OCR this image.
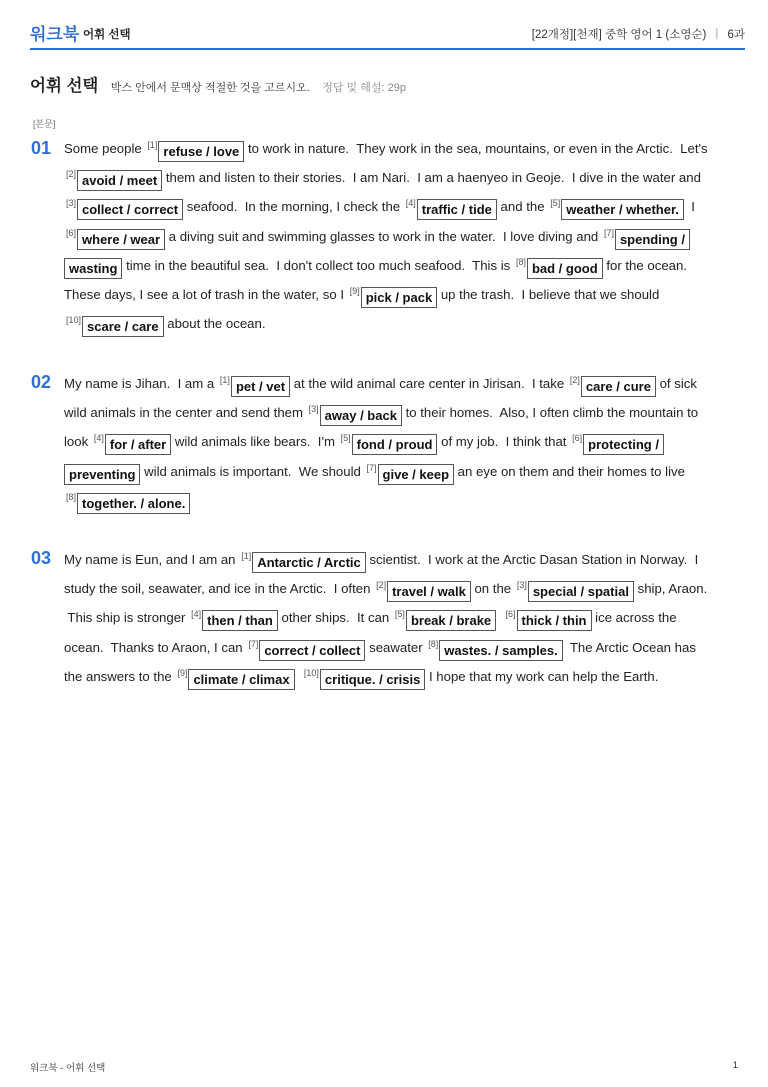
워크북 어휘 선택	[22개정][천재] 중학 영어 1 (소영순) ㅣ 6과
어휘 선택 박스 안에서 문맥상 적절한 것을 고르시오. 정답 및 해설: 29p
[본문]
01 Some people [1] refuse / love to work in nature.  They work in the sea, mountains, or even in the Arctic.  Let's
[2] avoid / meet them and listen to their stories.  I am Nari.  I am a haenyeo in Geoje.  I dive in the water and
[3] collect / correct seafood.  In the morning, I check the [4] traffic / tide and the [5] weather / whether.  I
[6] where / wear a diving suit and swimming glasses to work in the water.  I love diving and [7] spending /
wasting time in the beautiful sea.  I don't collect too much seafood.  This is [8] bad / good for the ocean.
These days, I see a lot of trash in the water, so I [9] pick / pack up the trash.  I believe that we should
[10] scare / care about the ocean.
02 My name is Jihan.  I am a [1] pet / vet at the wild animal care center in Jirisan.  I take [2] care / cure of sick
wild animals in the center and send them [3] away / back to their homes.  Also, I often climb the mountain to
look [4] for / after wild animals like bears.  I'm [5] fond / proud of my job.  I think that [6] protecting /
preventing wild animals is important.  We should [7] give / keep an eye on them and their homes to live
[8] together. / alone.
03 My name is Eun, and I am an [1] Antarctic / Arctic scientist.  I work at the Arctic Dasan Station in Norway.  I
study the soil, seawater, and ice in the Arctic.  I often [2] travel / walk on the [3] special / spatial ship, Araon.
This ship is stronger [4] then / than other ships.  It can [5] break / brake [6] thick / thin ice across the
ocean.  Thanks to Araon, I can [7] correct / collect seawater [8] wastes. / samples.  The Arctic Ocean has
the answers to the [9] climate / climax [10] critique. / crisis I hope that my work can help the Earth.
워크북 - 어휘 선택	1
